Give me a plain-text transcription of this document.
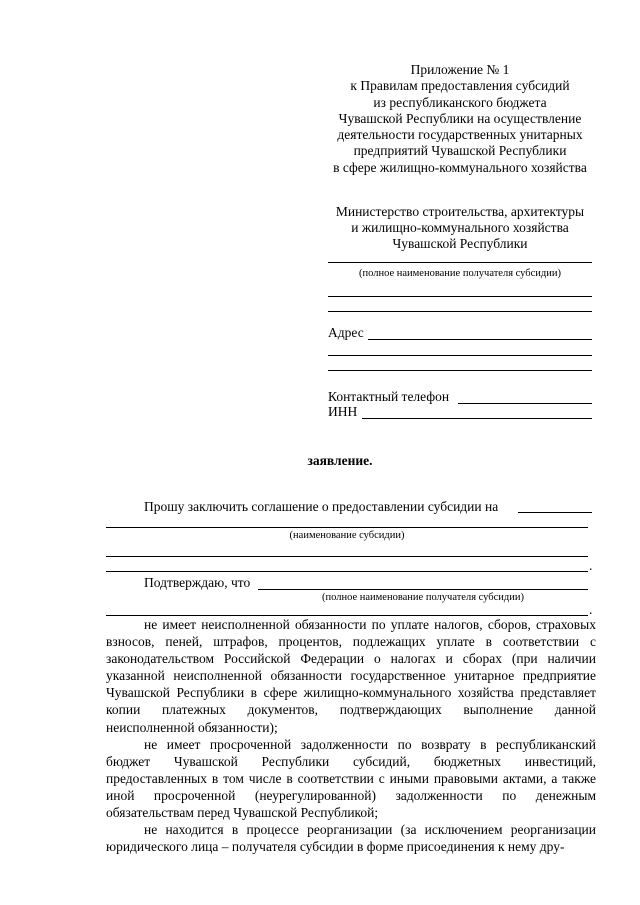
Приложение № 1
к Правилам предоставления субсидий
из республиканского бюджета
Чувашской Республики на осуществление
деятельности государственных унитарных
предприятий Чувашской Республики
в сфере жилищно-коммунального хозяйства
Министерство строительства, архитектуры
и жилищно-коммунального хозяйства
Чувашской Республики
(полное наименование получателя субсидии)
Адрес
Контактный телефон
ИНН
заявление.
Прошу заключить соглашение о предоставлении субсидии на
(наименование субсидии)
.
Подтверждаю, что
(полное наименование получателя субсидии)
.

не имеет неисполненной обязанности по уплате налогов, сборов, страховых взносов, пеней, штрафов, процентов, подлежащих уплате в соответствии с законодательством Российской Федерации о налогах и сборах (при наличии указанной неисполненной обязанности государственное унитарное предприятие Чувашской Республики в сфере жилищно-коммунального хозяйства представляет копии платежных документов, подтверждающих выполнение данной неисполненной обязанности);

не имеет просроченной задолженности по возврату в республиканский бюджет Чувашской Республики субсидий, бюджетных инвестиций, предоставленных в том числе в соответствии с иными правовыми актами, а также иной просроченной (неурегулированной) задолженности по денежным обязательствам перед Чувашской Республикой;

не находится в процессе реорганизации (за исключением реорганизации юридического лица – получателя субсидии в форме присоединения к нему дру-
